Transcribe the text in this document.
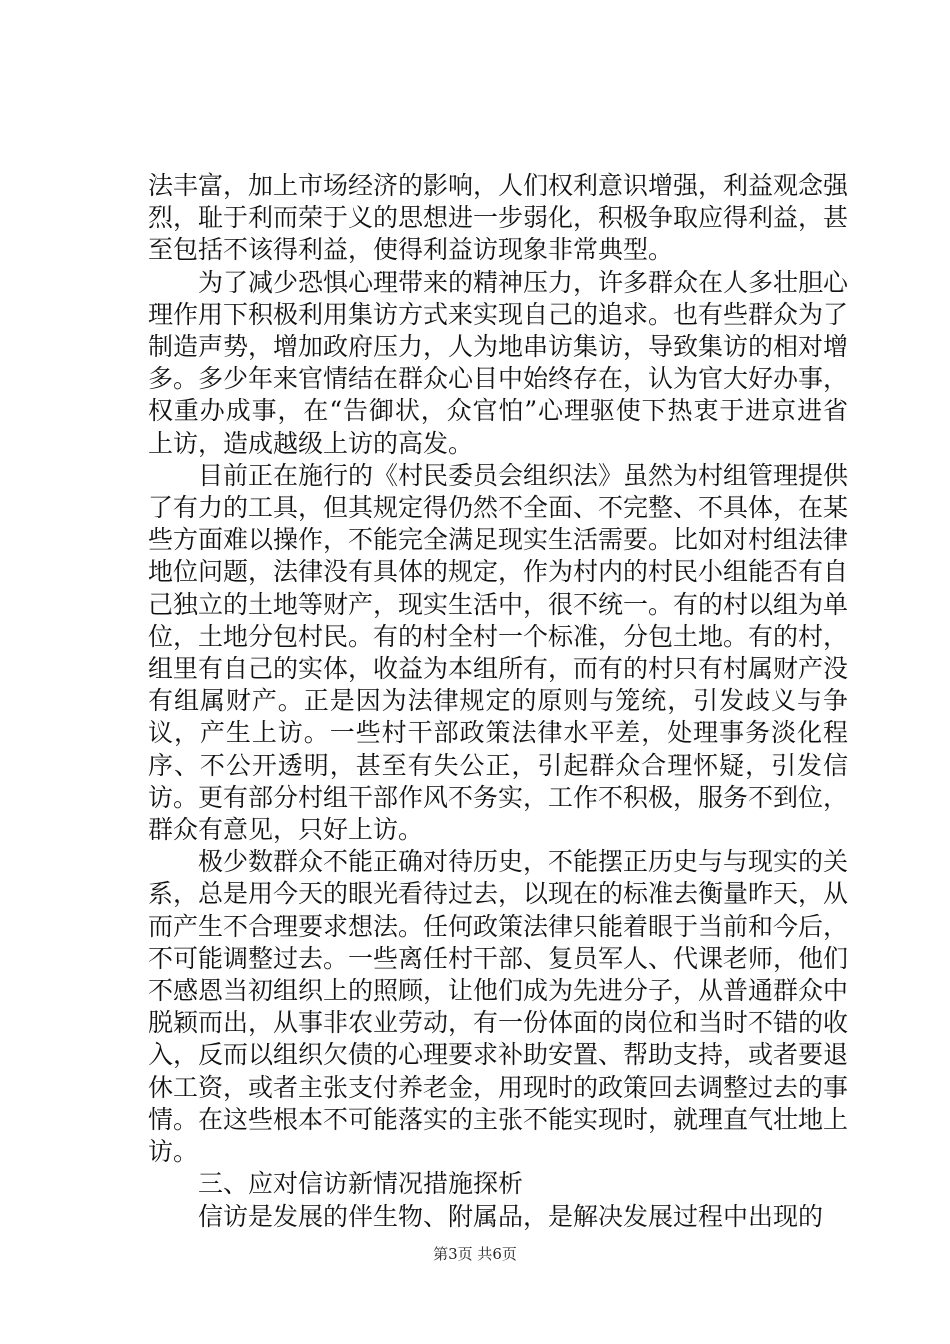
法丰富，加上市场经济的影响，人们权利意识增强，利益观念强烈，耻于利而荣于义的思想进一步弱化，积极争取应得利益，甚至包括不该得利益，使得利益访现象非常典型。

为了减少恐惧心理带来的精神压力，许多群众在人多壮胆心理作用下积极利用集访方式来实现自己的追求。也有些群众为了制造声势，增加政府压力，人为地串访集访，导致集访的相对增多。多少年来官情结在群众心目中始终存在，认为官大好办事，权重办成事，在“告御状，众官怕”心理驱使下热衷于进京进省上访，造成越级上访的高发。

目前正在施行的《村民委员会组织法》虽然为村组管理提供了有力的工具，但其规定得仍然不全面、不完整、不具体，在某些方面难以操作，不能完全满足现实生活需要。比如对村组法律地位问题，法律没有具体的规定，作为村内的村民小组能否有自己独立的土地等财产，现实生活中，很不统一。有的村以组为单位，土地分包村民。有的村全村一个标准，分包土地。有的村，组里有自己的实体，收益为本组所有，而有的村只有村属财产没有组属财产。正是因为法律规定的原则与笼统，引发歧义与争议，产生上访。一些村干部政策法律水平差，处理事务淡化程序、不公开透明，甚至有失公正，引起群众合理怀疑，引发信访。更有部分村组干部作风不务实，工作不积极，服务不到位，群众有意见，只好上访。

极少数群众不能正确对待历史，不能摆正历史与与现实的关系，总是用今天的眼光看待过去，以现在的标准去衡量昨天，从而产生不合理要求想法。任何政策法律只能着眼于当前和今后，不可能调整过去。一些离任村干部、复员军人、代课老师，他们不感恩当初组织上的照顾，让他们成为先进分子，从普通群众中脱颖而出，从事非农业劳动，有一份体面的岗位和当时不错的收入，反而以组织欠债的心理要求补助安置、帮助支持，或者要退休工资，或者主张支付养老金，用现时的政策回去调整过去的事情。在这些根本不可能落实的主张不能实现时，就理直气壮地上访。

三、应对信访新情况措施探析

信访是发展的伴生物、附属品，是解决发展过程中出现的

第3页 共6页
